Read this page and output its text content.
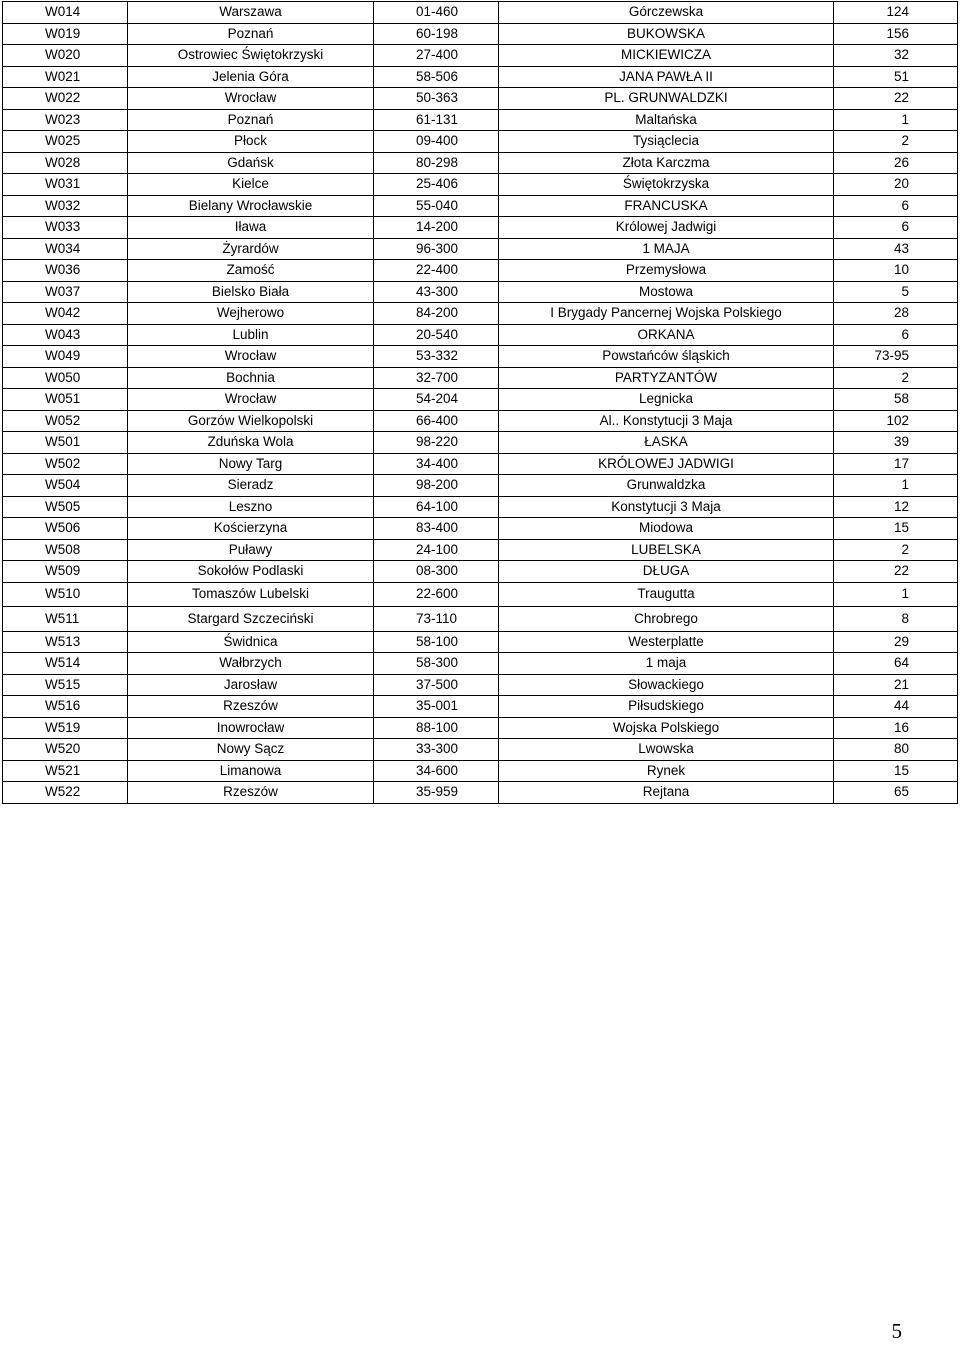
W014	Warszawa	01-460	Górczewska	124
W019	Poznań	60-198	BUKOWSKA	156
W020	Ostrowiec Świętokrzyski	27-400	MICKIEWICZA	32
W021	Jelenia Góra	58-506	JANA PAWŁA II	51
W022	Wrocław	50-363	PL. GRUNWALDZKI	22
W023	Poznań	61-131	Maltańska	1
W025	Płock	09-400	Tysiąclecia	2
W028	Gdańsk	80-298	Złota Karczma	26
W031	Kielce	25-406	Świętokrzyska	20
W032	Bielany Wrocławskie	55-040	FRANCUSKA	6
W033	Iława	14-200	Królowej Jadwigi	6
W034	Żyrardów	96-300	1 MAJA	43
W036	Zamość	22-400	Przemysłowa	10
W037	Bielsko Biała	43-300	Mostowa	5
W042	Wejherowo	84-200	I Brygady Pancernej Wojska Polskiego	28
W043	Lublin	20-540	ORKANA	6
W049	Wrocław	53-332	Powstańców śląskich	73-95
W050	Bochnia	32-700	PARTYZANTÓW	2
W051	Wrocław	54-204	Legnicka	58
W052	Gorzów Wielkopolski	66-400	Al.. Konstytucji 3 Maja	102
W501	Zduńska Wola	98-220	ŁASKA	39
W502	Nowy Targ	34-400	KRÓLOWEJ JADWIGI	17
W504	Sieradz	98-200	Grunwaldzka	1
W505	Leszno	64-100	Konstytucji 3 Maja	12
W506	Kościerzyna	83-400	Miodowa	15
W508	Puławy	24-100	LUBELSKA	2
W509	Sokołów Podlaski	08-300	DŁUGA	22
W510	Tomaszów Lubelski	22-600	Traugutta	1
W511	Stargard Szczeciński	73-110	Chrobrego	8
W513	Świdnica	58-100	Westerplatte	29
W514	Wałbrzych	58-300	1 maja	64
W515	Jarosław	37-500	Słowackiego	21
W516	Rzeszów	35-001	Piłsudskiego	44
W519	Inowrocław	88-100	Wojska Polskiego	16
W520	Nowy Sącz	33-300	Lwowska	80
W521	Limanowa	34-600	Rynek	15
W522	Rzeszów	35-959	Rejtana	65
5
